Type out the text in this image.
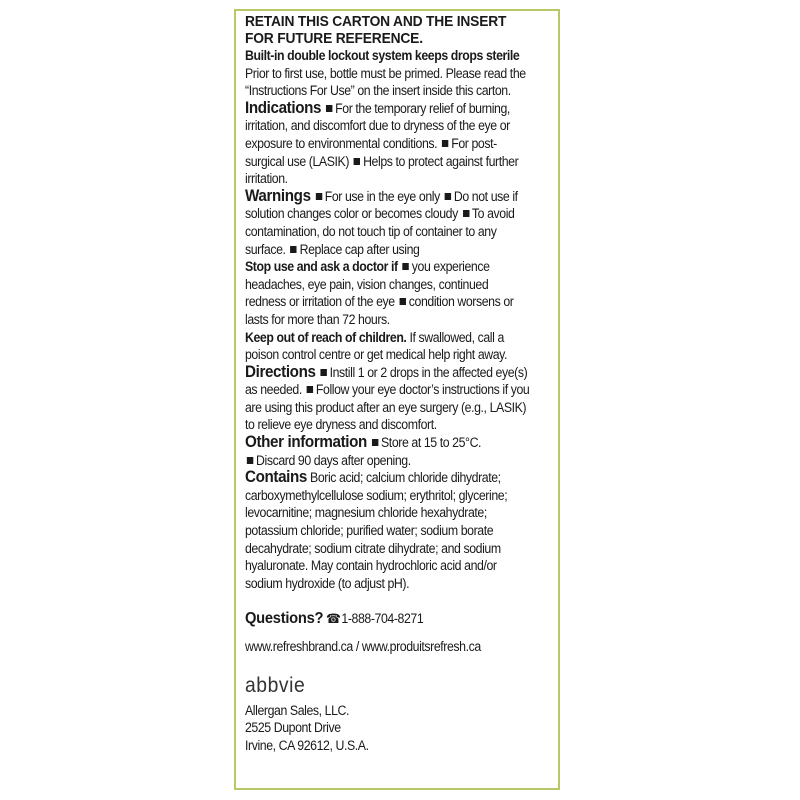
RETAIN THIS CARTON AND THE INSERT FOR FUTURE REFERENCE.

Built-in double lockout system keeps drops sterile

Prior to first use, bottle must be primed. Please read the “Instructions For Use” on the insert inside this carton.

Indications For the temporary relief of burning, irritation, and discomfort due to dryness of the eye or exposure to environmental conditions. For post-surgical use (LASIK) Helps to protect against further irritation.

Warnings For use in the eye only Do not use if solution changes color or becomes cloudy To avoid contamination, do not touch tip of container to any surface. Replace cap after using

Stop use and ask a doctor if you experience headaches, eye pain, vision changes, continued redness or irritation of the eye condition worsens or lasts for more than 72 hours.

Keep out of reach of children. If swallowed, call a poison control centre or get medical help right away.

Directions Instill 1 or 2 drops in the affected eye(s) as needed. Follow your eye doctor’s instructions if you are using this product after an eye surgery (e.g., LASIK) to relieve eye dryness and discomfort.

Other information Store at 15 to 25°C.
Discard 90 days after opening.

Contains Boric acid; calcium chloride dihydrate; carboxymethylcellulose sodium; erythritol; glycerine; levocarnitine; magnesium chloride hexahydrate; potassium chloride; purified water; sodium borate decahydrate; sodium citrate dihydrate; and sodium hyaluronate. May contain hydrochloric acid and/or sodium hydroxide (to adjust pH).

Questions? ☎1-888-704-8271

www.refreshbrand.ca / www.produitsrefresh.ca

abbvie

Allergan Sales, LLC.

2525 Dupont Drive

Irvine, CA 92612, U.S.A.
